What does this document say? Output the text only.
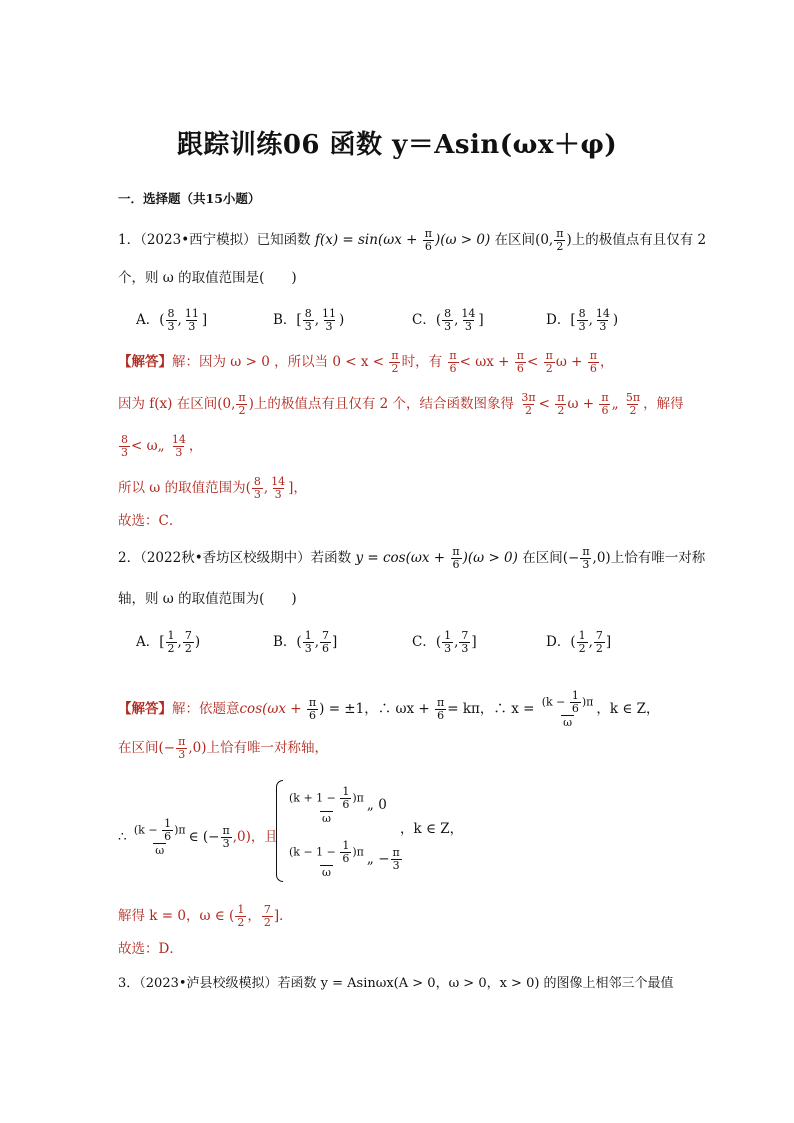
跟踪训练06 函数 y＝Asin(ωx＋φ)
一．选择题（共15小题）
1．（2023•西宁模拟）已知函数 $f(x) = \sin(\omega x + \frac{\pi}{6} )(\omega > 0)$ 在区间(0, $\frac{\pi}{2}$ )上的极值点有且仅有 2
个，则 ω 的取值范围是(　　)
A．( $\frac{8}{3}$ , $\frac{11}{3}$ ]	B．[ $\frac{8}{3}$ , $\frac{11}{3}$ )	C．( $\frac{8}{3}$ , $\frac{14}{3}$ ]	D．[ $\frac{8}{3}$ , $\frac{14}{3}$ )
【解答】解：因为 ω > 0 ，所以当 $0 < x < \frac{\pi}{2}$ 时，有 $\frac{\pi}{6} < \omega x + \frac{\pi}{6} < \frac{\pi}{2}$ $\omega + \frac{\pi}{6}$ ，
因为 f(x) 在区间(0, $\frac{\pi}{2}$ )上的极值点有且仅有 2 个，结合函数图象得 $\frac{3\pi}{2} < \frac{\pi}{2}$ $\omega + \frac{\pi}{6}$ „ $\frac{5\pi}{2}$ ，解得
$\frac{8}{3}$ < ω„ $\frac{14}{3}$ ，
所以 ω 的取值范围为( $\frac{8}{3}$ , $\frac{14}{3}$ ]，
故选：C．
2．（2022秋•香坊区校级期中）若函数 $y = \cos(\omega x + \frac{\pi}{6} )(\omega > 0)$ 在区间(− $\frac{\pi}{3} ,0$)上恰有唯一对称
轴，则 ω 的取值范围为(　　)
A．[ $\frac{1}{2}$ , $\frac{7}{2}$ )	B．( $\frac{1}{3}$ , $\frac{7}{6}$ ]	C．( $\frac{1}{3}$ , $\frac{7}{3}$ ]	D．( $\frac{1}{2}$ , $\frac{7}{2}$ ]
【解答】解：依题意$\cos(\omega x + \frac{\pi}{6}$ ) = ±1，∴ $\omega x + \frac{\pi}{6} = k\pi$，∴ $x = \frac{(k - \frac{1}{6} )\pi}{\omega}$ ，k ∈ Z，
在区间(− $\frac{\pi}{3} ,0$)上恰有唯一对称轴，
∴ $\frac{(k - \frac{1}{6} )\pi}{\omega}$ ∈ (− $\frac{\pi}{3} ,0$)，且
$\frac{(k + 1 - \frac{1}{6} )\pi}{\omega}$ „ 0
$\frac{(k - 1 - \frac{1}{6} )\pi}{\omega}$ „ − $\frac{\pi}{3}$
，k ∈ Z，
解得 k = 0，ω ∈ ( $\frac{1}{2}$ ， $\frac{7}{2}$ ]．
故选：D．
3．（2023•泸县校级模拟）若函数 y = Asinωx(A > 0，ω > 0，x > 0) 的图像上相邻三个最值
